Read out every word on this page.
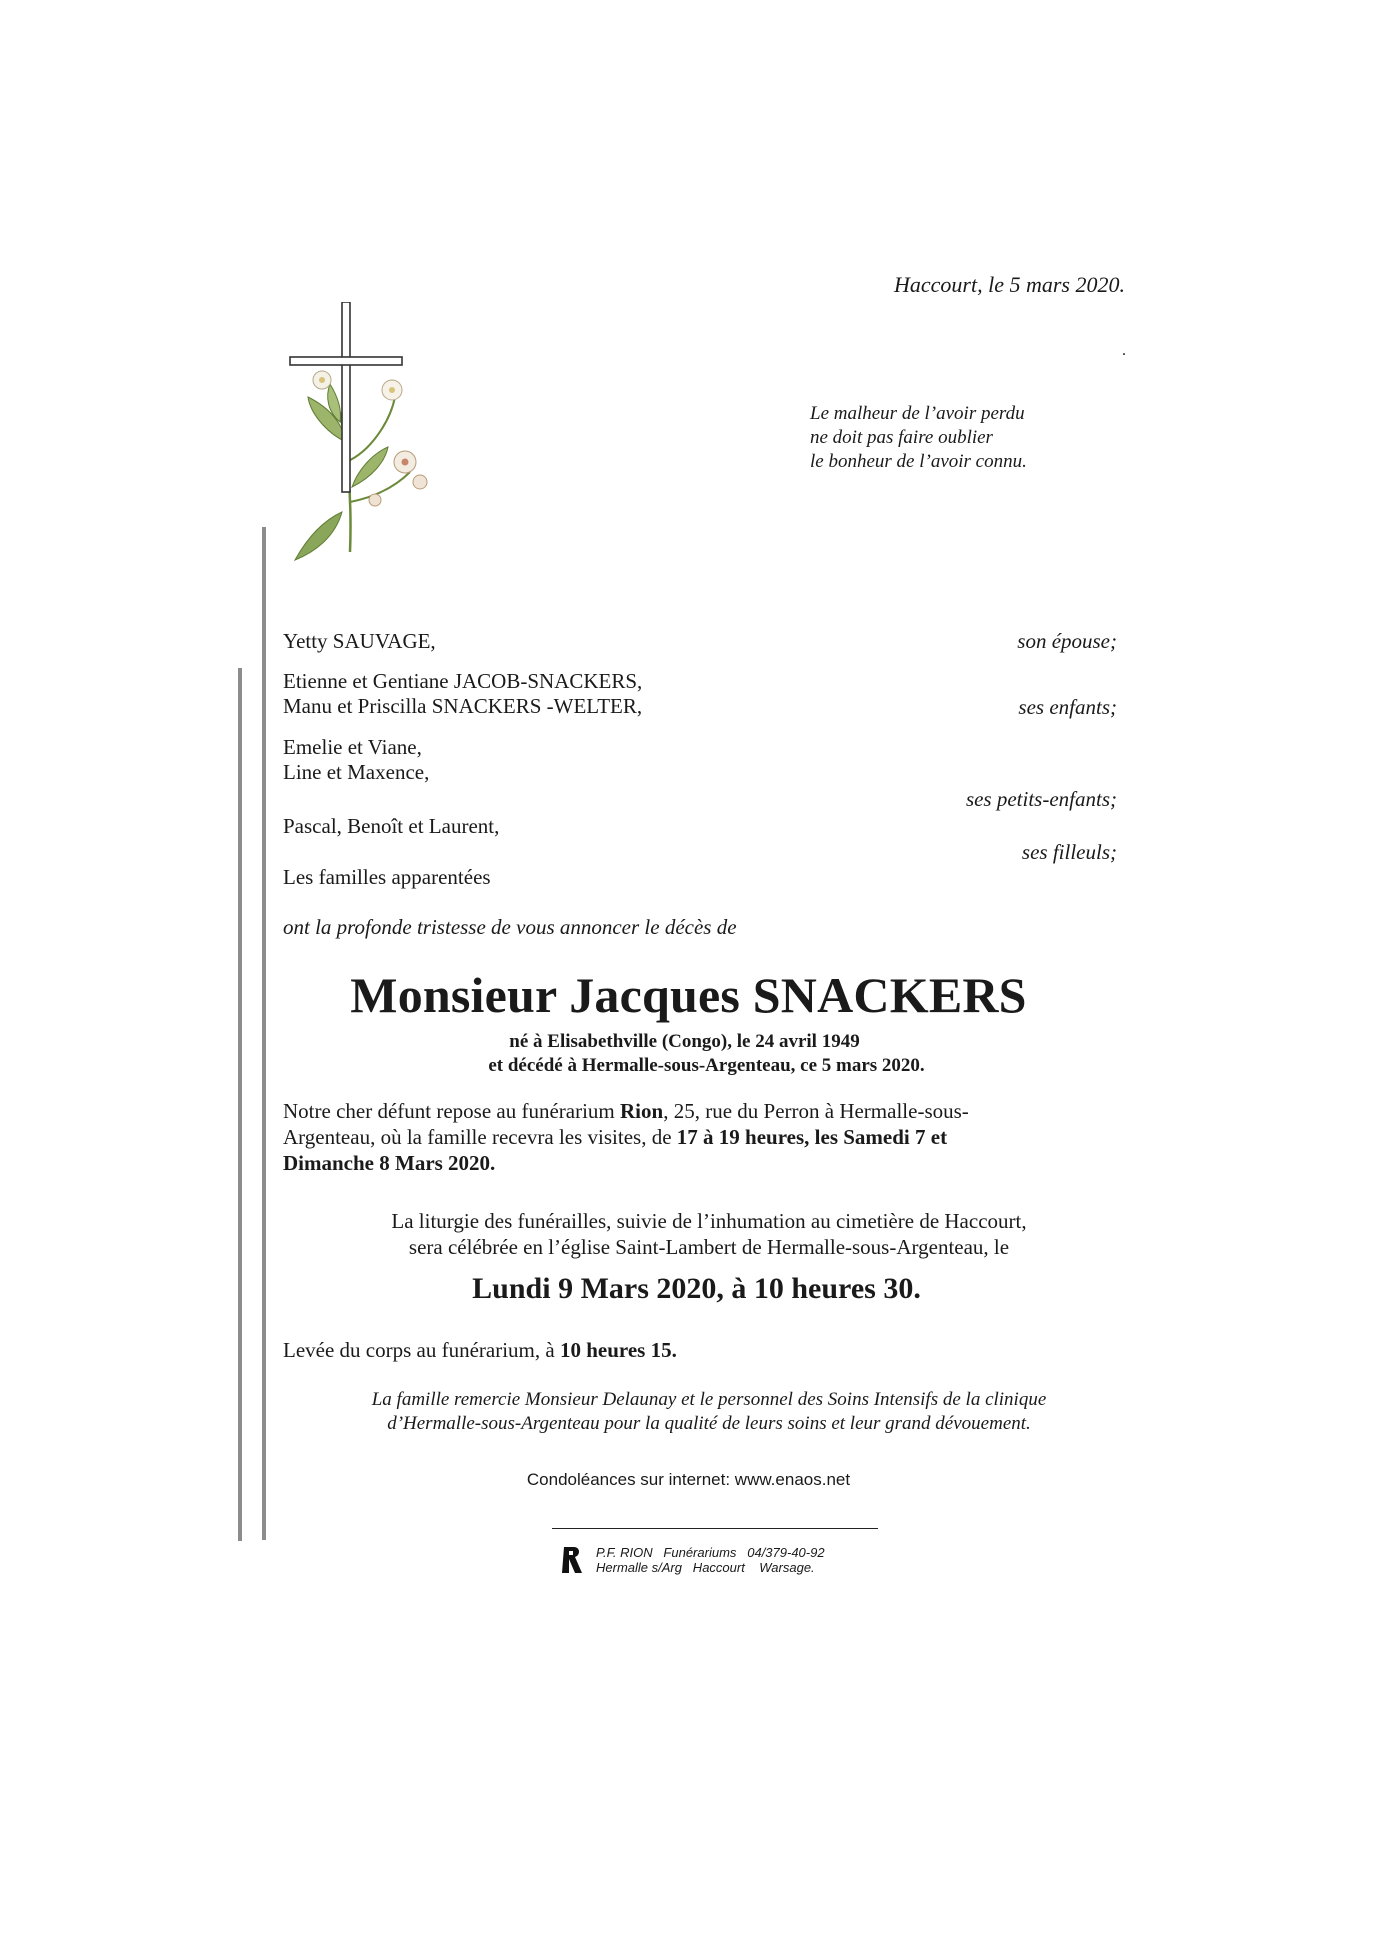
Haccourt, le 5 mars 2020.
.
Le malheur de l’avoir perdu
ne doit pas faire oublier
le bonheur de l’avoir connu.
Yetty SAUVAGE,
Etienne et Gentiane JACOB-SNACKERS,
Manu et Priscilla SNACKERS -WELTER,
Emelie et Viane,
Line et Maxence,
Pascal, Benoît et Laurent,
Les familles apparentées
son épouse;
ses enfants;
ses petits-enfants;
ses filleuls;
ont la profonde tristesse de vous annoncer le décès de
Monsieur Jacques SNACKERS
né à Elisabethville (Congo), le 24 avril 1949
et décédé à Hermalle-sous-Argenteau, ce 5 mars 2020.
Notre cher défunt repose au funérarium Rion, 25, rue du Perron à Hermalle-sous-Argenteau, où la famille recevra les visites, de 17 à 19 heures, les Samedi 7 et Dimanche 8 Mars 2020.
La liturgie des funérailles, suivie de l’inhumation au cimetière de Haccourt,
sera célébrée en l’église Saint-Lambert de Hermalle-sous-Argenteau, le
Lundi 9 Mars 2020, à 10 heures 30.
Levée du corps au funérarium, à 10 heures 15.
La famille remercie Monsieur Delaunay et le personnel des Soins Intensifs de la clinique
d’Hermalle-sous-Argenteau pour la qualité de leurs soins et leur grand dévouement.
Condoléances sur internet: www.enaos.net
P.F. RION   Funérariums   04/379-40-92
Hermalle s/Arg   Haccourt    Warsage.
